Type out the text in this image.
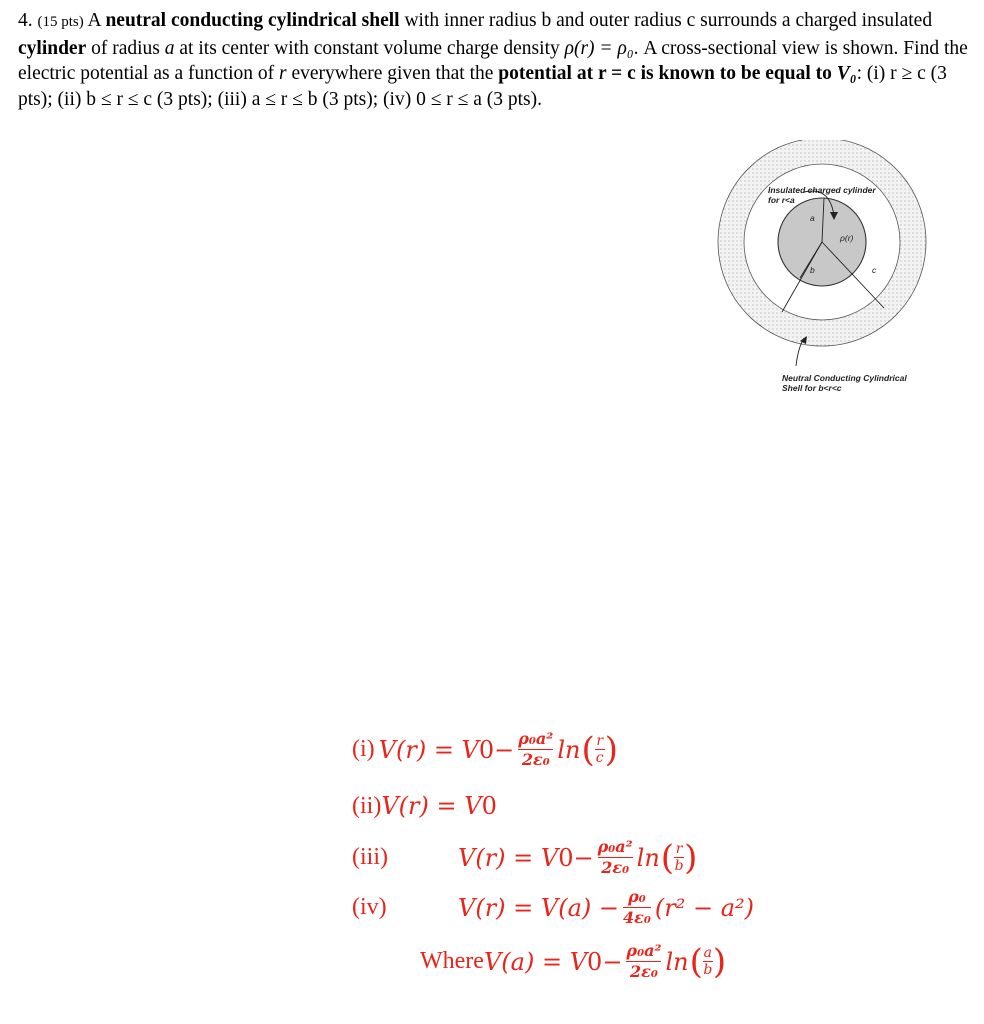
4. (15 pts) A neutral conducting cylindrical shell with inner radius b and outer radius c surrounds a charged insulated cylinder of radius a at its center with constant volume charge density ρ(r) = ρ₀. A cross-sectional view is shown. Find the electric potential as a function of r everywhere given that the potential at r = c is known to be equal to V₀: (i) r ≥ c (3 pts); (ii) b ≤ r ≤ c (3 pts); (iii) a ≤ r ≤ b (3 pts); (iv) 0 ≤ r ≤ a (3 pts).
Insulated charged cylinder
for r<a
a
ρ(r)
b	c
Neutral Conducting Cylindrical
Shell for b<r<c
(i)
V(r) = V $0 - \frac{\text{ρ₀a²}}{\text{2ε₀}}$ ln ( $\frac{r}{c}$ )
(ii) V(r) = V 0
(iii)	V(r) = V $0 - \frac{\text{ρ₀a²}}{\text{2ε₀}}$ ln ( $\frac{r}{b}$ )
(iv)	$V(r) = V(a) - \frac{\text{ρ₀}}{\text{4ε₀}} (r^2 - a^2)$
Where V(a) = V $0 - \frac{\text{ρ₀a²}}{\text{2ε₀}}$ ln ( $\frac{a}{b}$ )
